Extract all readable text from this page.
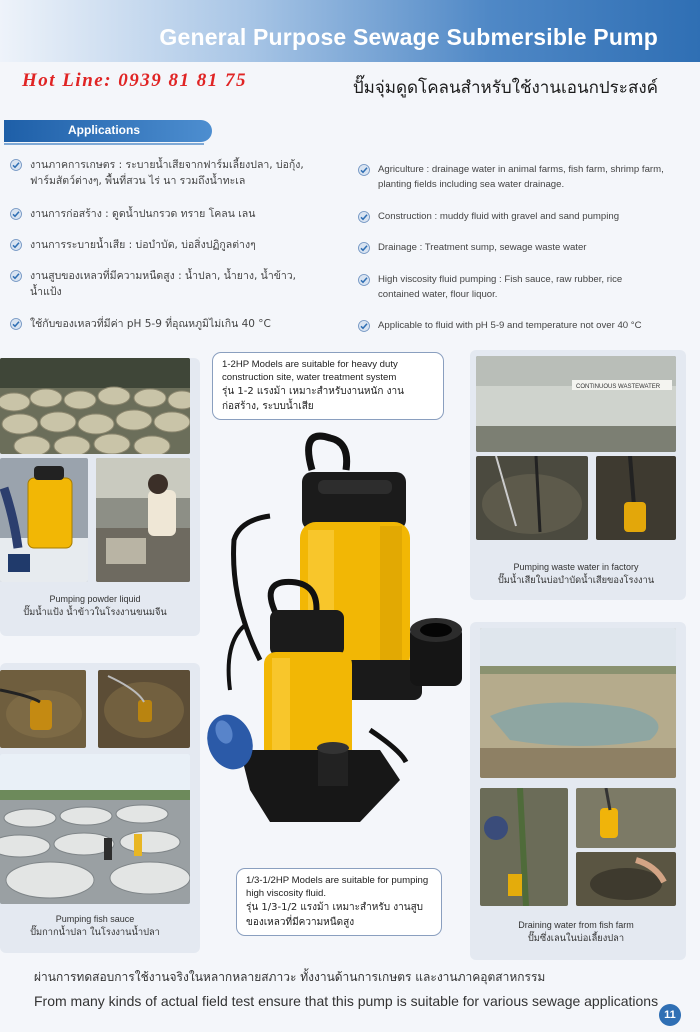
General Purpose Sewage Submersible Pump
Hot Line: 0939 81 81 75	ปั๊มจุ่มดูดโคลนสำหรับใช้งานเอนกประสงค์
Applications
งานภาคการเกษตร : ระบายน้ำเสียจากฟาร์มเลี้ยงปลา, บ่อกุ้ง, ฟาร์มสัตว์ต่างๆ, พื้นที่สวน ไร่ นา รวมถึงน้ำทะเล
งานการก่อสร้าง : ดูดน้ำปนกรวด ทราย โคลน เลน
งานการระบายน้ำเสีย : บ่อบำบัด, บ่อสิ่งปฏิกูลต่างๆ
งานสูบของเหลวที่มีความหนืดสูง : น้ำปลา, น้ำยาง, น้ำข้าว, น้ำแป้ง
ใช้กับของเหลวที่มีค่า pH 5-9 ที่อุณหภูมิไม่เกิน 40 °C
Agriculture : drainage water in animal farms, fish farm, shrimp farm, planting fields including sea water drainage.
Construction : muddy fluid with gravel and sand pumping
Drainage : Treatment sump, sewage waste water
High viscosity fluid pumping : Fish sauce, raw rubber, rice contained water, flour liquor.
Applicable to fluid with pH 5-9 and temperature not over 40 °C
Pumping powder liquid
ปั๊มน้ำแป้ง น้ำข้าวในโรงงานขนมจีน
Pumping fish sauce
ปั๊มกากน้ำปลา ในโรงงานน้ำปลา
CONTINUOUS WASTEWATER
Pumping waste water in factory
ปั๊มน้ำเสียในบ่อบำบัดน้ำเสียของโรงงาน
Draining water from fish farm
ปั๊มซึ่งเลนในบ่อเลี้ยงปลา
1-2HP Models are suitable for heavy duty construction site, water treatment system
รุ่น 1-2 แรงม้า เหมาะสำหรับงานหนัก งานก่อสร้าง, ระบบน้ำเสีย
1/3-1/2HP Models are suitable for pumping high viscosity fluid.
รุ่น 1/3-1/2 แรงม้า เหมาะสำหรับ งานสูบของเหลวที่มีความหนืดสูง
ผ่านการทดสอบการใช้งานจริงในหลากหลายสภาวะ ทั้งงานด้านการเกษตร และงานภาคอุตสาหกรรม
From many kinds of actual field test ensure that this pump is suitable for various sewage applications
11
